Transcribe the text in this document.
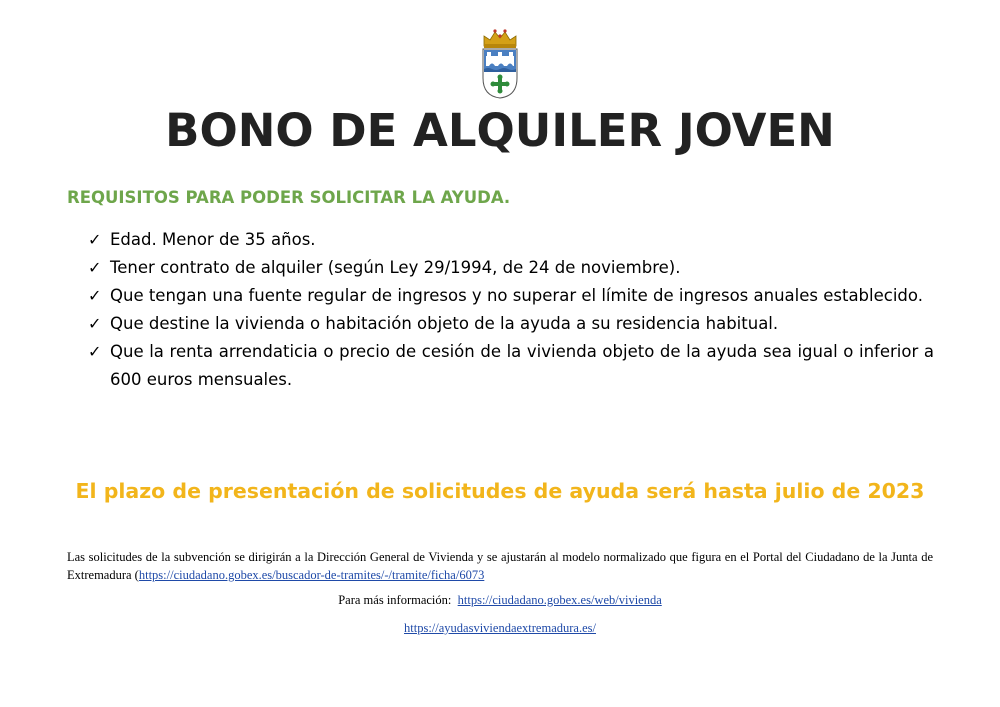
BONO DE ALQUILER JOVEN
REQUISITOS PARA PODER SOLICITAR LA AYUDA.
✓ Edad. Menor de 35 años.
✓ Tener contrato de alquiler (según Ley 29/1994, de 24 de noviembre).
✓ Que tengan una fuente regular de ingresos y no superar el límite de ingresos anuales establecido.
✓ Que destine la vivienda o habitación objeto de la ayuda a su residencia habitual.
✓ Que la renta arrendaticia o precio de cesión de la vivienda objeto de la ayuda sea igual o inferior a 600 euros mensuales.

El plazo de presentación de solicitudes de ayuda será hasta julio de 2023

Las solicitudes de la subvención se dirigirán a la Dirección General de Vivienda y se ajustarán al modelo normalizado que figura en el Portal del Ciudadano de la Junta de Extremadura (https://ciudadano.gobex.es/buscador-de-tramites/-/tramite/ficha/6073

Para más información: https://ciudadano.gobex.es/web/vivienda

https://ayudasviviendaextremadura.es/
